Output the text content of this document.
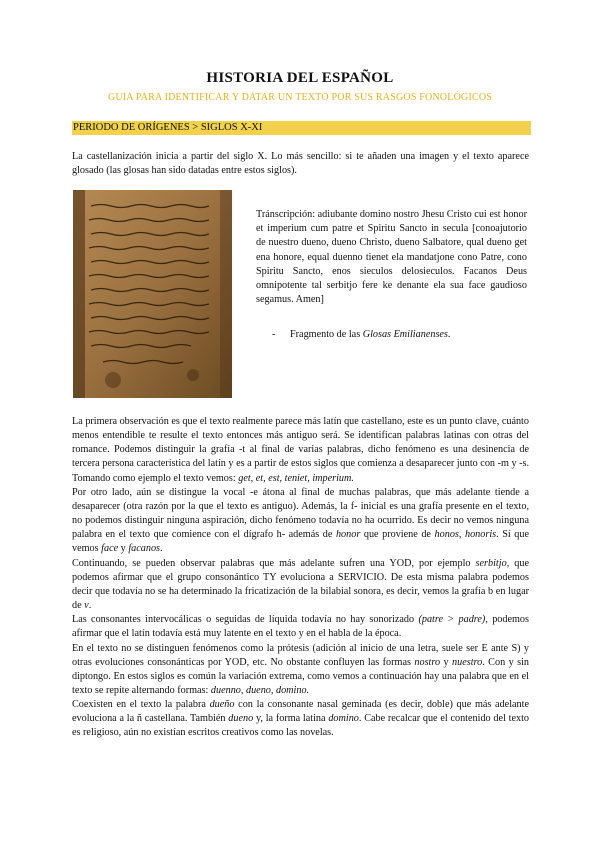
HISTORIA DEL ESPAÑOL
GUIA PARA IDENTIFICAR Y DATAR UN TEXTO POR SUS RASGOS FONOLÓGICOS
PERIODO DE ORÍGENES > SIGLOS X-XI
La castellanización inicia a partir del siglo X. Lo más sencillo: si te añaden una imagen y el texto aparece glosado (las glosas han sido datadas entre estos siglos).
Tránscripción: adiubante domino nostro Jhesu Cristo cui est honor et imperium cum patre et Spiritu Sancto in secula [conoajutorio de nuestro dueno, dueno Christo, dueno Salbatore, qual dueno get ena honore, equal duenno tienet ela mandatjone cono Patre, cono Spiritu Sancto, enos sieculos delosieculos. Facanos Deus omnipotente tal serbitjo fere ke denante ela sua face gaudioso segamus. Amen]
- Fragmento de las Glosas Emilianenses.

La primera observación es que el texto realmente parece más latín que castellano, este es un punto clave, cuánto menos entendible te resulte el texto entonces más antiguo será. Se identifican palabras latinas con otras del romance. Podemos distinguir la grafía -t al final de varias palabras, dicho fenómeno es una desinencia de tercera persona característica del latín y es a partir de estos siglos que comienza a desaparecer junto con -m y -s. Tomando como ejemplo el texto vemos: get, et, est, tenіet, imperium.

Por otro lado, aún se distingue la vocal -e átona al final de muchas palabras, que más adelante tiende a desaparecer (otra razón por la que el texto es antiguo). Además, la f- inicial es una grafía presente en el texto, no podemos distinguir ninguna aspiración, dicho fenómeno todavía no ha ocurrido. Es decir no vemos ninguna palabra en el texto que comience con el dígrafo h- además de honor que proviene de honos, honoris. Sí que vemos face y facanos.

Continuando, se pueden observar palabras que más adelante sufren una YOD, por ejemplo serbitjo, que podemos afirmar que el grupo consonántico TY evoluciona a SERVICIO. De esta misma palabra podemos decir que todavía no se ha determinado la fricatización de la bilabial sonora, es decir, vemos la grafía b en lugar de v.

Las consonantes intervocálicas o seguidas de líquida todavía no hay sonorizado (patre > padre), podemos afirmar que el latín todavía está muy latente en el texto y en el habla de la época.

En el texto no se distinguen fenómenos como la prótesis (adición al inicio de una letra, suele ser E ante S) y otras evoluciones consonánticas por YOD, etc. No obstante confluyen las formas nostro y nuestro. Con y sin diptongo. En estos siglos es común la variación extrema, como vemos a continuación hay una palabra que en el texto se repite alternando formas: duenno, dueno, domino.

Coexisten en el texto la palabra dueño con la consonante nasal geminada (es decir, doble) que más adelante evoluciona a la ñ castellana. También dueno y, la forma latina domino. Cabe recalcar que el contenido del texto es religioso, aún no existían escritos creativos como las novelas.
